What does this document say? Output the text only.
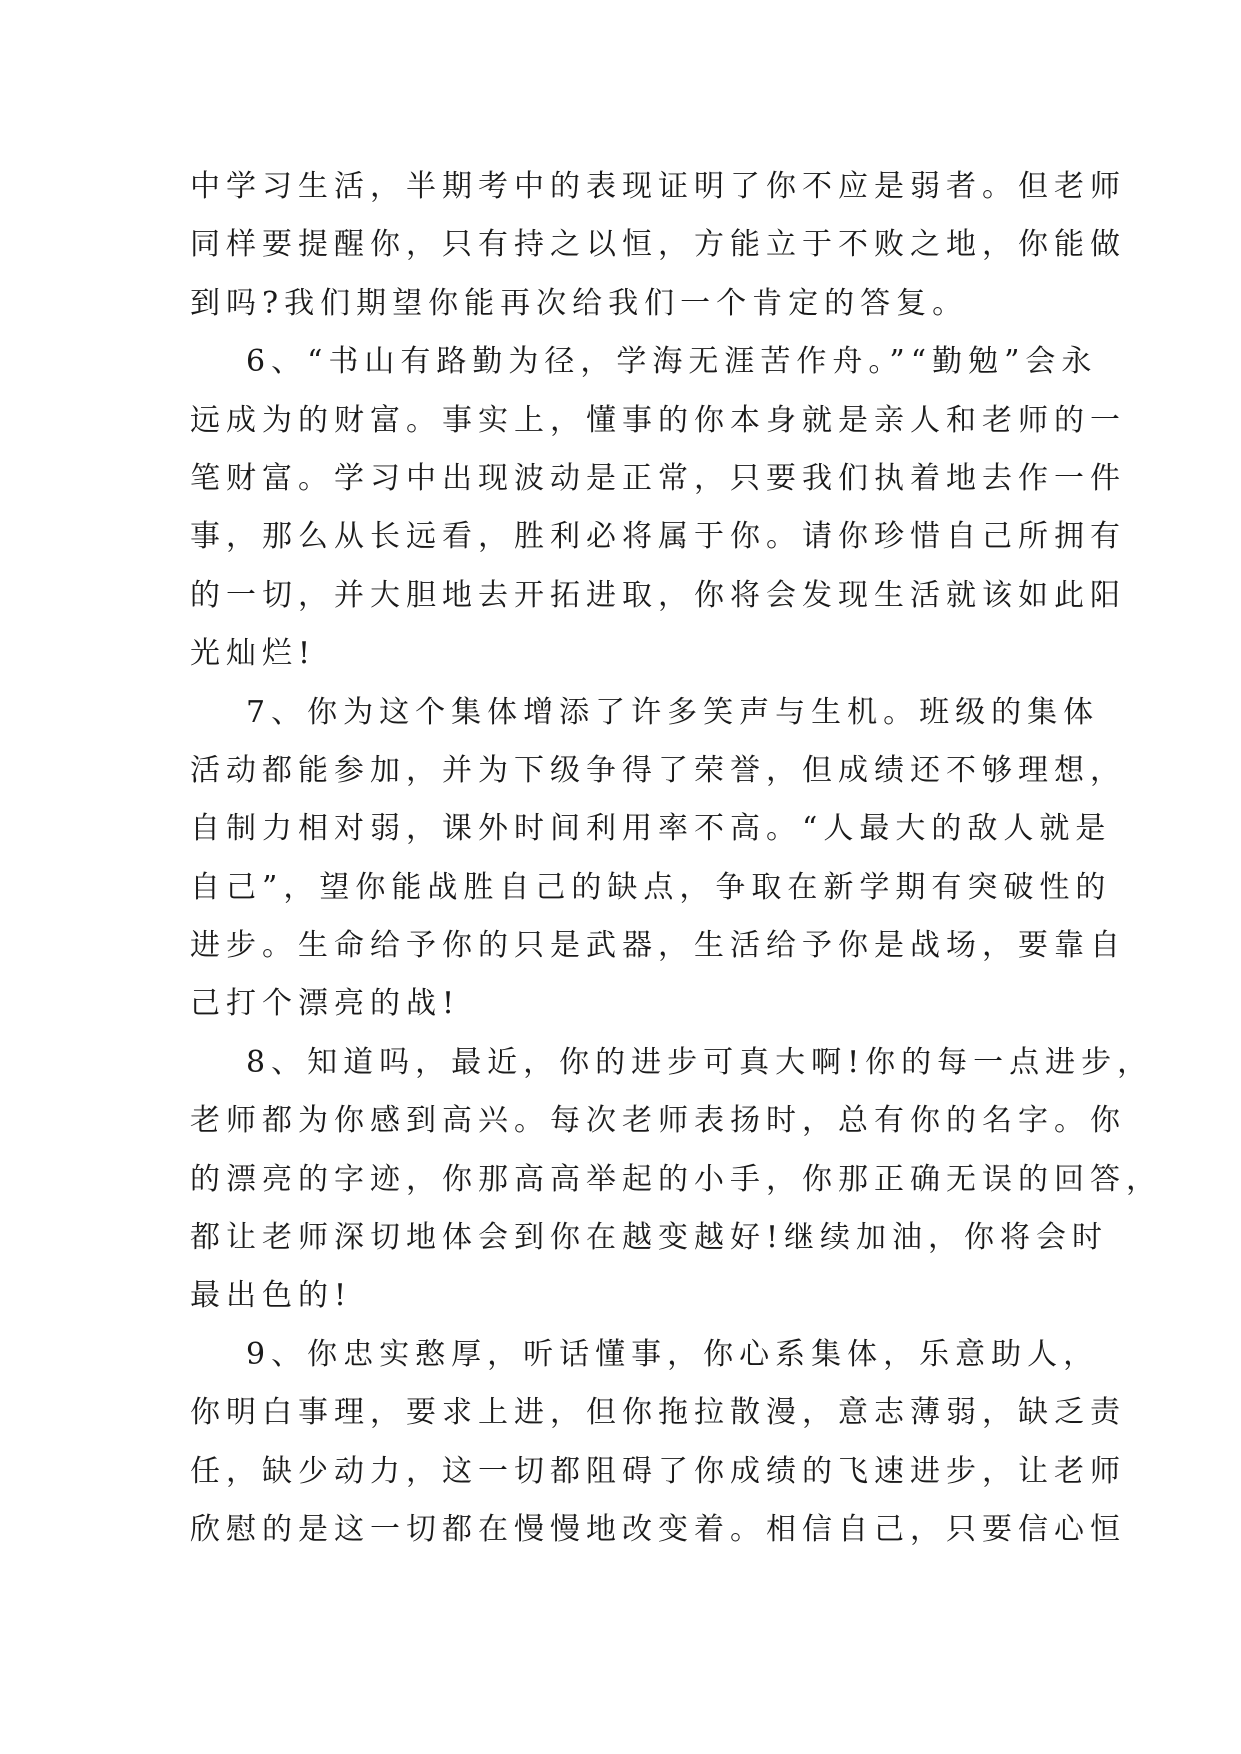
中学习生活，半期考中的表现证明了你不应是弱者。但老师
同样要提醒你，只有持之以恒，方能立于不败之地，你能做
到吗?我们期望你能再次给我们一个肯定的答复。
6、“书山有路勤为径，学海无涯苦作舟。”“勤勉”会永
远成为的财富。事实上，懂事的你本身就是亲人和老师的一
笔财富。学习中出现波动是正常，只要我们执着地去作一件
事，那么从长远看，胜利必将属于你。请你珍惜自己所拥有
的一切，并大胆地去开拓进取，你将会发现生活就该如此阳
光灿烂!
7、你为这个集体增添了许多笑声与生机。班级的集体
活动都能参加，并为下级争得了荣誉，但成绩还不够理想，
自制力相对弱，课外时间利用率不高。“人最大的敌人就是
自己”，望你能战胜自己的缺点，争取在新学期有突破性的
进步。生命给予你的只是武器，生活给予你是战场，要靠自
己打个漂亮的战!
8、知道吗，最近，你的进步可真大啊!你的每一点进步，
老师都为你感到高兴。每次老师表扬时，总有你的名字。你
的漂亮的字迹，你那高高举起的小手，你那正确无误的回答，
都让老师深切地体会到你在越变越好!继续加油，你将会时
最出色的!
9、你忠实憨厚，听话懂事，你心系集体，乐意助人，
你明白事理，要求上进，但你拖拉散漫，意志薄弱，缺乏责
任，缺少动力，这一切都阻碍了你成绩的飞速进步，让老师
欣慰的是这一切都在慢慢地改变着。相信自己，只要信心恒
